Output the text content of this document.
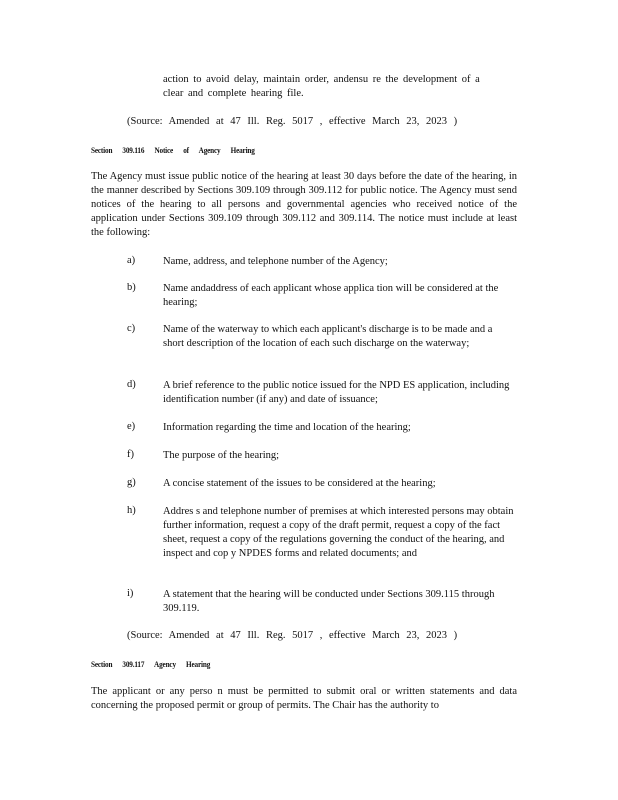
action to avoid delay, maintain order, andensu re the development of a
clear and complete hearing file.
(Source: Amended at 47 Ill. Reg. 5017 , effective March 23, 2023 )
Section 309.116 Notice of Agency Hearing
The Agency must issue public notice of the hearing at least 30 days before the date of the hearing, in the manner described by Sections 309.109 through 309.112 for public notice. The Agency must send notices of the hearing to all persons and governmental agencies who received notice of the application under Sections 309.109 through 309.112 and 309.114. The notice must include at least the following:
a)	Name, address, and telephone number of the Agency;
b)	Name andaddress of each applicant whose applica tion will be considered at the hearing;
c)	Name of the waterway to which each applicant's discharge is to be made and a short description of the location of each such discharge on the waterway;
d)	A brief reference to the public notice issued for the NPD ES application, including identification number (if any) and date of issuance;
e)	Information regarding the time and location of the hearing;
f)	The purpose of the hearing;
g)	A concise statement of the issues to be considered at the hearing;
h)	Addres s and telephone number of premises at which interested persons may obtain further information, request a copy of the draft permit, request a copy of the fact sheet, request a copy of the regulations governing the conduct of the hearing, and inspect and cop y NPDES forms and related documents; and
i)	A statement that the hearing will be conducted under Sections 309.115 through 309.119.
(Source: Amended at 47 Ill. Reg. 5017 , effective March 23, 2023 )
Section 309.117 Agency Hearing
The applicant or any perso n must be permitted to submit oral or written statements and data concerning the proposed permit or group of permits. The Chair has the authority to
